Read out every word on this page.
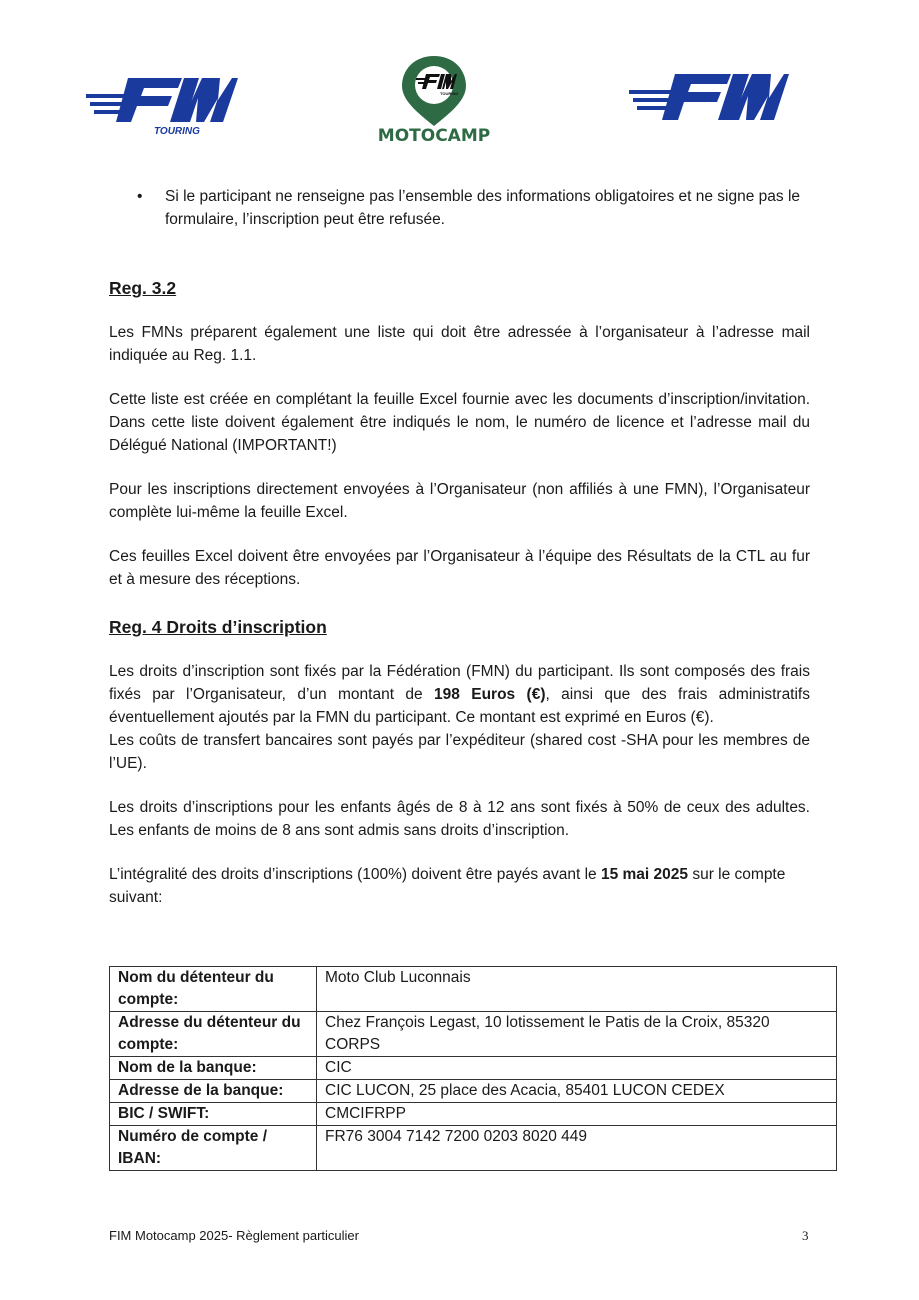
TOURING
TOURING
MOTOCAMP
•	Si le participant ne renseigne pas l’ensemble des informations obligatoires et ne signe pas le formulaire, l’inscription peut être refusée.
Reg. 3.2

Les FMNs préparent également une liste qui doit être adressée à l’organisateur à l’adresse mail indiquée au Reg. 1.1.

Cette liste est créée en complétant la feuille Excel fournie avec les documents d’inscription/invitation. Dans cette liste doivent également être indiqués le nom, le numéro de licence et l’adresse mail du Délégué National (IMPORTANT!)

Pour les inscriptions directement envoyées à l’Organisateur (non affiliés à une FMN), l’Organisateur complète lui-même la feuille Excel.

Ces feuilles Excel doivent être envoyées par l’Organisateur à l’équipe des Résultats de la CTL au fur et à mesure des réceptions.

Reg. 4 Droits d’inscription

Les droits d’inscription sont fixés par la Fédération (FMN) du participant. Ils sont composés des frais fixés par l’Organisateur, d’un montant de 198 Euros (€), ainsi que des frais administratifs éventuellement ajoutés par la FMN du participant. Ce montant est exprimé en Euros (€).

Les coûts de transfert bancaires sont payés par l’expéditeur (shared cost -SHA pour les membres de l’UE).

Les droits d’inscriptions pour les enfants âgés de 8 à 12 ans sont fixés à 50% de ceux des adultes. Les enfants de moins de 8 ans sont admis sans droits d’inscription.

L’intégralité des droits d’inscriptions (100%) doivent être payés avant le 15 mai 2025 sur le compte suivant:

Nom du détenteur du compte:	Moto Club Luconnais
Adresse du détenteur du compte:	Chez François Legast, 10 lotissement le Patis de la Croix, 85320 CORPS
Nom de la banque:	CIC
Adresse de la banque:	CIC LUCON, 25 place des Acacia, 85401 LUCON CEDEX
BIC / SWIFT:	CMCIFRPP
Numéro de compte / IBAN:	FR76 3004 7142 7200 0203 8020 449
FIM Motocamp 2025- Règlement particulier	3
